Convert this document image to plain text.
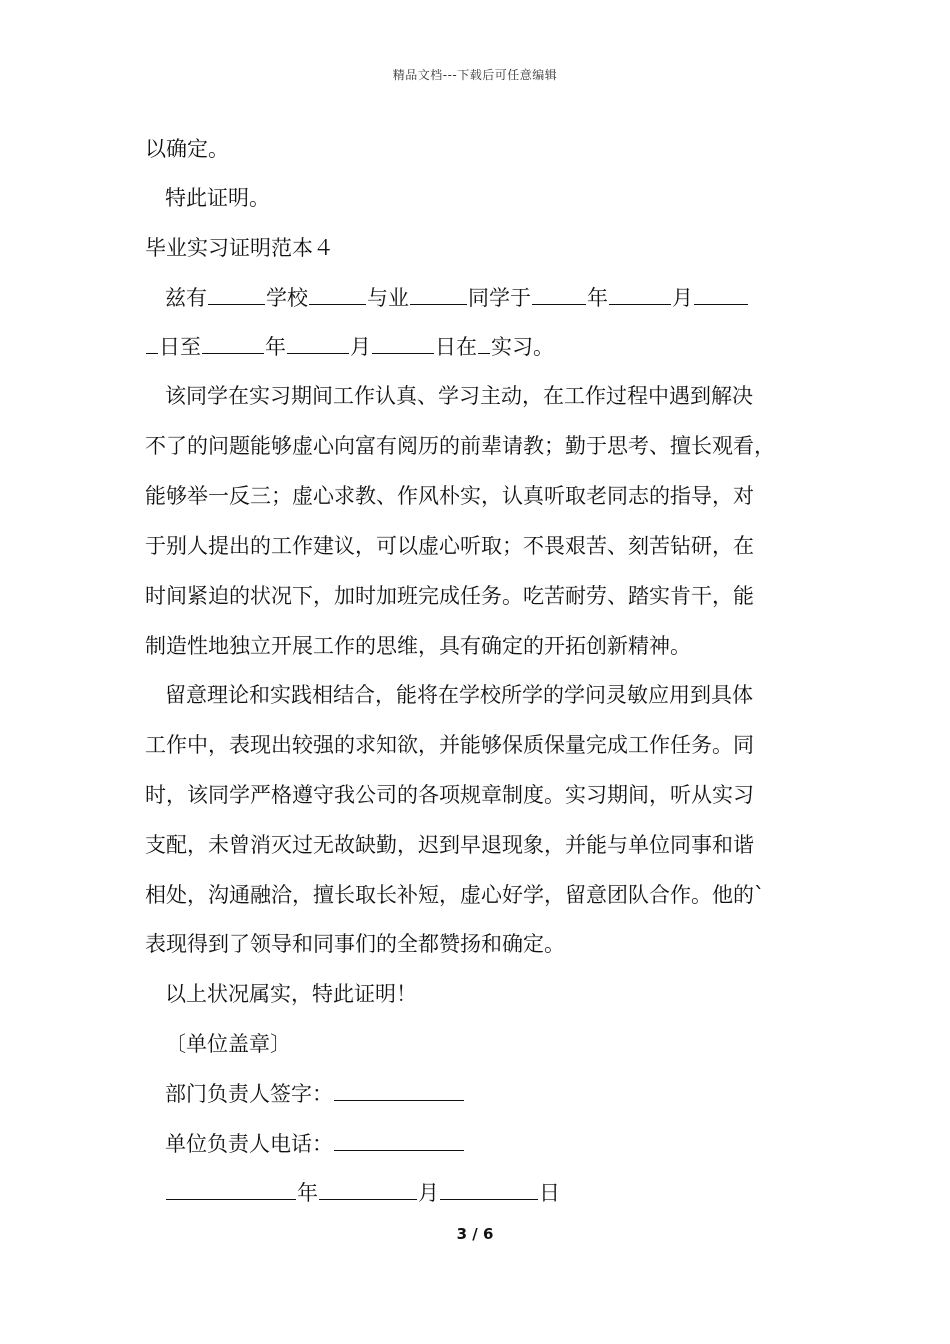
精品文档---下载后可任意编辑
以确定。
特此证明。
毕业实习证明范本４
兹有	学校	与业	同学于	年	月
日至	年	月	日在 实习。
该同学在实习期间工作认真、学习主动，在工作过程中遇到解决
不了的问题能够虚心向富有阅历的前辈请教；勤于思考、擅长观看，
能够举一反三；虚心求教、作风朴实，认真听取老同志的指导，对
于别人提出的工作建议，可以虚心听取；不畏艰苦、刻苦钻研，在
时间紧迫的状况下，加时加班完成任务。吃苦耐劳、踏实肯干，能
制造性地独立开展工作的思维，具有确定的开拓创新精神。
留意理论和实践相结合，能将在学校所学的学问灵敏应用到具体
工作中，表现出较强的求知欲，并能够保质保量完成工作任务。同
时，该同学严格遵守我公司的各项规章制度。实习期间，听从实习
支配，未曾消灭过无故缺勤，迟到早退现象，并能与单位同事和谐
相处，沟通融洽，擅长取长补短，虚心好学，留意团队合作。他的`
表现得到了领导和同事们的全都赞扬和确定。
以上状况属实，特此证明！
〔单位盖章〕
部门负责人签字：
单位负责人电话：
年	月	日
3 / 6
